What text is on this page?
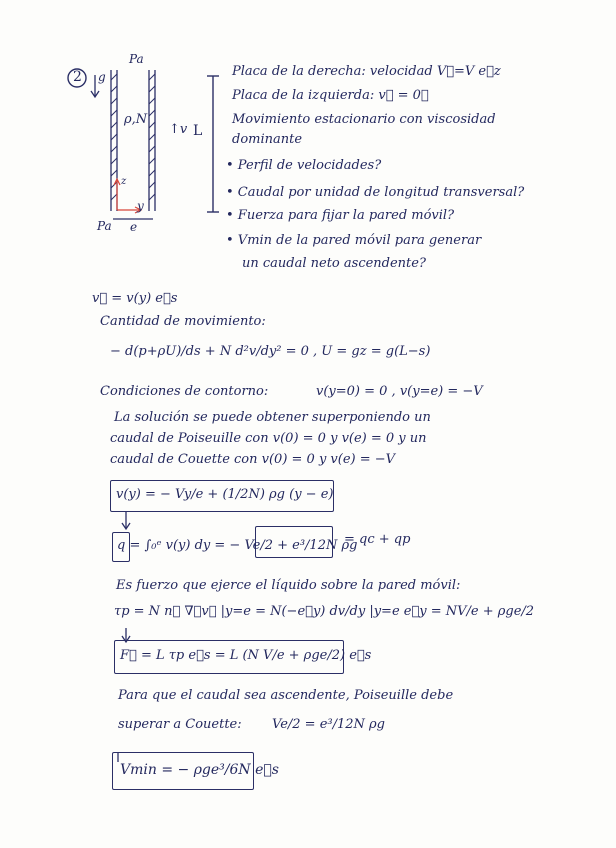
2
Pa
g
ρ,N
↑v L
z
y
Pa e
Placa de la derecha: velocidad V⃗=V e⃗z
Placa de la izquierda: v⃗ = 0⃗
Movimiento estacionario con viscosidad
dominante
• Perfil de velocidades?
• Caudal por unidad de longitud transversal?
• Fuerza para fijar la pared móvil?
• Vmin de la pared móvil para generar
un caudal neto ascendente?
v⃗ = v(y) e⃗s
Cantidad de movimiento:
− d(p+ρU)/ds + N d²v/dy² = 0 , U = gz = g(L−s)
Condiciones de contorno:	v(y=0) = 0 , v(y=e) = −V
La solución se puede obtener superponiendo un
caudal de Poiseuille con v(0) = 0 y v(e) = 0 y un
caudal de Couette con v(0) = 0 y v(e) = −V
v(y) = − Vy/e + (1/2N) ρg (y − e)
q = ∫₀ᵉ v(y) dy = − Ve/2 + e³/12N ρg
= qc + qp
Es fuerzo que ejerce el líquido sobre la pared móvil:
τp = N n⃗ ∇⃗v⃗ |y=e = N(−e⃗y) dv/dy |y=e e⃗y = NV/e + ρge/2
F⃗ = L τp e⃗s = L (N V/e + ρge/2) e⃗s
Para que el caudal sea ascendente, Poiseuille debe
superar a Couette: Ve/2 = e³/12N ρg
Vmin = − ρge³/6N e⃗s
